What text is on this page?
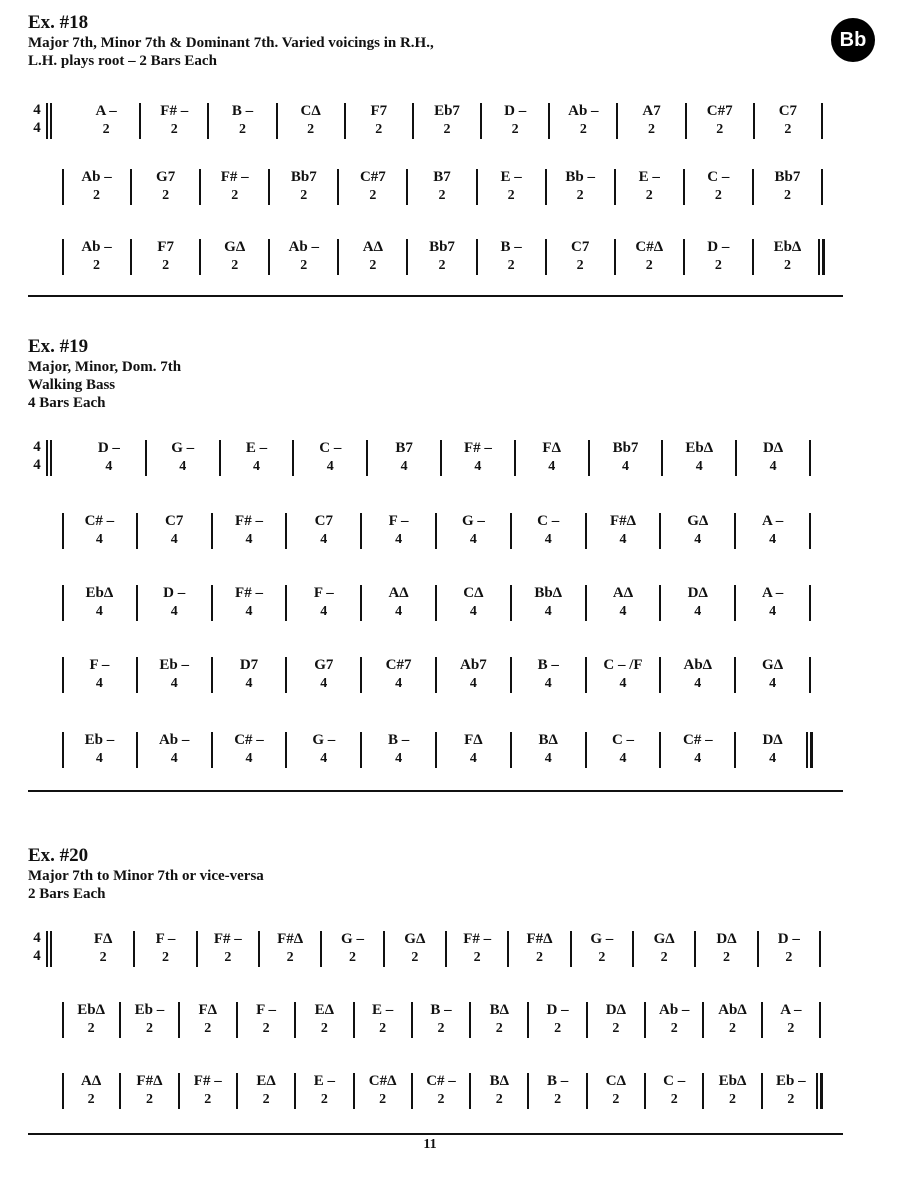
Bb
Ex. #18
Major 7th, Minor 7th & Dominant 7th. Varied voicings in R.H.,
L.H. plays root – 2 Bars Each
Ex. #19
Major, Minor, Dom. 7th
Walking Bass
4 Bars Each
Ex. #20
Major 7th to Minor 7th or vice-versa
2 Bars Each
4
4
A –
2
F# –
2
B –
2
CΔ
2
F7
2
Eb7
2
D –
2
Ab –
2
A7
2
C#7
2
C7
2
Ab –
2
G7
2
F# –
2
Bb7
2
C#7
2
B7
2
E –
2
Bb –
2
E –
2
C –
2
Bb7
2
Ab –
2
F7
2
GΔ
2
Ab –
2
AΔ
2
Bb7
2
B –
2
C7
2
C#Δ
2
D –
2
EbΔ
2
4
4
D –
4
G –
4
E –
4
C –
4
B7
4
F# –
4
FΔ
4
Bb7
4
EbΔ
4
DΔ
4
C# –
4
C7
4
F# –
4
C7
4
F –
4
G –
4
C –
4
F#Δ
4
GΔ
4
A –
4
EbΔ
4
D –
4
F# –
4
F –
4
AΔ
4
CΔ
4
BbΔ
4
AΔ
4
DΔ
4
A –
4
F –
4
Eb –
4
D7
4
G7
4
C#7
4
Ab7
4
B –
4
C – /F
4
AbΔ
4
GΔ
4
Eb –
4
Ab –
4
C# –
4
G –
4
B –
4
FΔ
4
BΔ
4
C –
4
C# –
4
DΔ
4
4
4
FΔ
2
F –
2
F# –
2
F#Δ
2
G –
2
GΔ
2
F# –
2
F#Δ
2
G –
2
GΔ
2
DΔ
2
D –
2
EbΔ
2
Eb –
2
FΔ
2
F –
2
EΔ
2
E –
2
B –
2
BΔ
2
D –
2
DΔ
2
Ab –
2
AbΔ
2
A –
2
AΔ
2
F#Δ
2
F# –
2
EΔ
2
E –
2
C#Δ
2
C# –
2
BΔ
2
B –
2
CΔ
2
C –
2
EbΔ
2
Eb –
2
11
